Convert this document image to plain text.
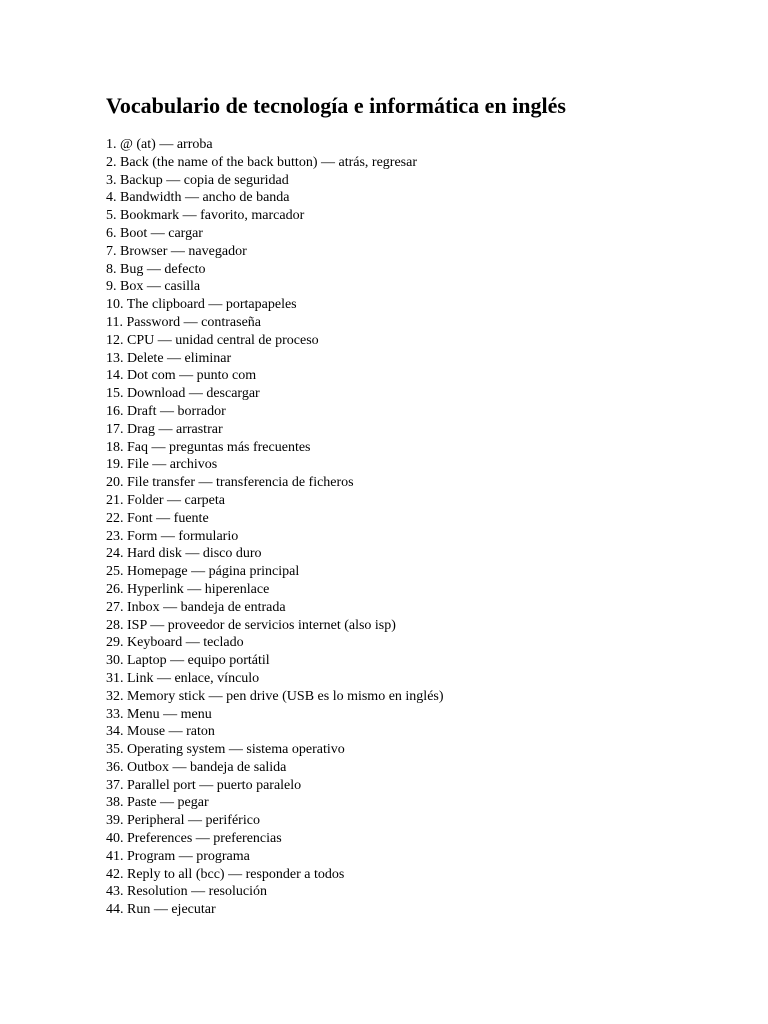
Vocabulario de tecnología e informática en inglés
1. @ (at) — arroba
2. Back (the name of the back button) — atrás, regresar
3. Backup — copia de seguridad
4. Bandwidth — ancho de banda
5. Bookmark — favorito, marcador
6. Boot — cargar
7. Browser — navegador
8. Bug — defecto
9. Box — casilla
10. The clipboard — portapapeles
11. Password — contraseña
12. CPU — unidad central de proceso
13. Delete — eliminar
14. Dot com — punto com
15. Download — descargar
16. Draft — borrador
17. Drag — arrastrar
18. Faq — preguntas más frecuentes
19. File — archivos
20. File transfer — transferencia de ficheros
21. Folder — carpeta
22. Font — fuente
23. Form — formulario
24. Hard disk — disco duro
25. Homepage — página principal
26. Hyperlink — hiperenlace
27. Inbox — bandeja de entrada
28. ISP — proveedor de servicios internet (also isp)
29. Keyboard — teclado
30. Laptop — equipo portátil
31. Link — enlace, vínculo
32. Memory stick — pen drive (USB es lo mismo en inglés)
33. Menu — menu
34. Mouse — raton
35. Operating system — sistema operativo
36. Outbox — bandeja de salida
37. Parallel port — puerto paralelo
38. Paste — pegar
39. Peripheral — periférico
40. Preferences — preferencias
41. Program — programa
42. Reply to all (bcc) — responder a todos
43. Resolution — resolución
44. Run — ejecutar
